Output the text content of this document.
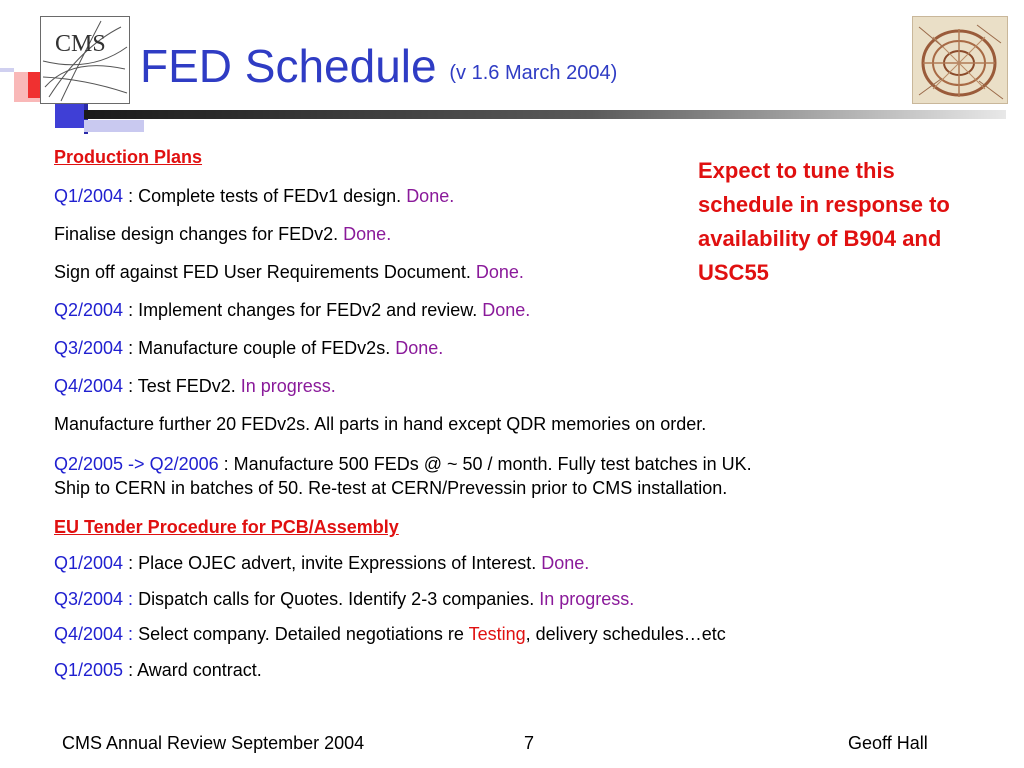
CMS FED Schedule (v 1.6 March 2004)
Production Plans
Q1/2004 : Complete tests of FEDv1 design. Done.
Finalise design changes for FEDv2. Done.
Sign off against FED User Requirements Document. Done.
Q2/2004 : Implement changes for FEDv2 and review. Done.
Q3/2004 : Manufacture couple of FEDv2s. Done.
Q4/2004 : Test FEDv2. In progress.
Manufacture further 20 FEDv2s. All parts in hand except QDR memories on order.
Q2/2005 -> Q2/2006 : Manufacture 500 FEDs @ ~ 50 / month. Fully test batches in UK.
Ship to CERN in batches of 50. Re-test at CERN/Prevessin prior to CMS installation.
EU Tender Procedure for PCB/Assembly
Q1/2004 : Place OJEC advert, invite Expressions of Interest. Done.
Q3/2004 : Dispatch calls for Quotes. Identify 2-3 companies. In progress.
Q4/2004 : Select company. Detailed negotiations re Testing, delivery schedules…etc
Q1/2005 : Award contract.
Expect to tune this schedule in response to availability of B904 and USC55
CMS Annual Review September 2004	7	Geoff Hall
